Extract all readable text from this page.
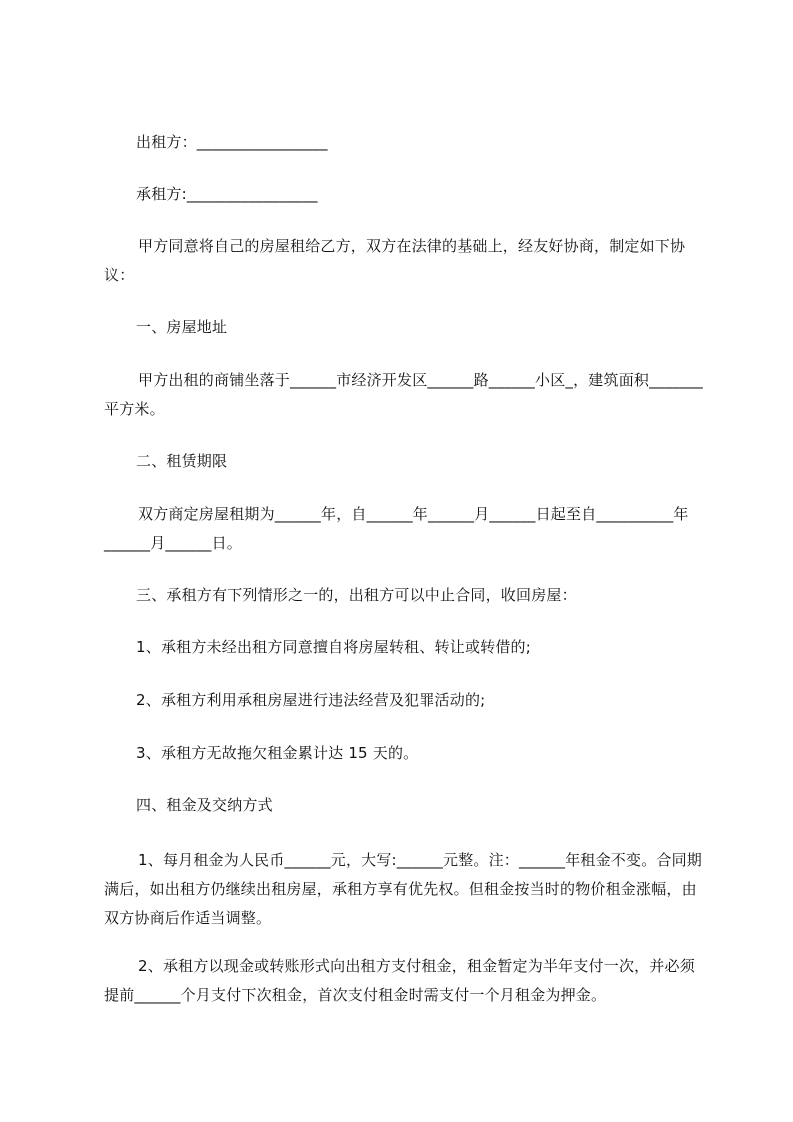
出租方：_________________

承租方:_________________

甲方同意将自己的房屋租给乙方，双方在法律的基础上，经友好协商，制定如下协议：

一、房屋地址

甲方出租的商铺坐落于______市经济开发区______路______小区_，建筑面积_______平方米。

二、租赁期限

双方商定房屋租期为______年，自______年______月______日起至自__________年______月______日。

三、承租方有下列情形之一的，出租方可以中止合同，收回房屋：

1、承租方未经出租方同意擅自将房屋转租、转让或转借的;

2、承租方利用承租房屋进行违法经营及犯罪活动的;

3、承租方无故拖欠租金累计达 15 天的。

四、租金及交纳方式

1、每月租金为人民币______元，大写:______元整。注：______年租金不变。合同期满后，如出租方仍继续出租房屋，承租方享有优先权。但租金按当时的物价租金涨幅，由双方协商后作适当调整。

2、承租方以现金或转账形式向出租方支付租金，租金暂定为半年支付一次，并必须提前______个月支付下次租金，首次支付租金时需支付一个月租金为押金。
